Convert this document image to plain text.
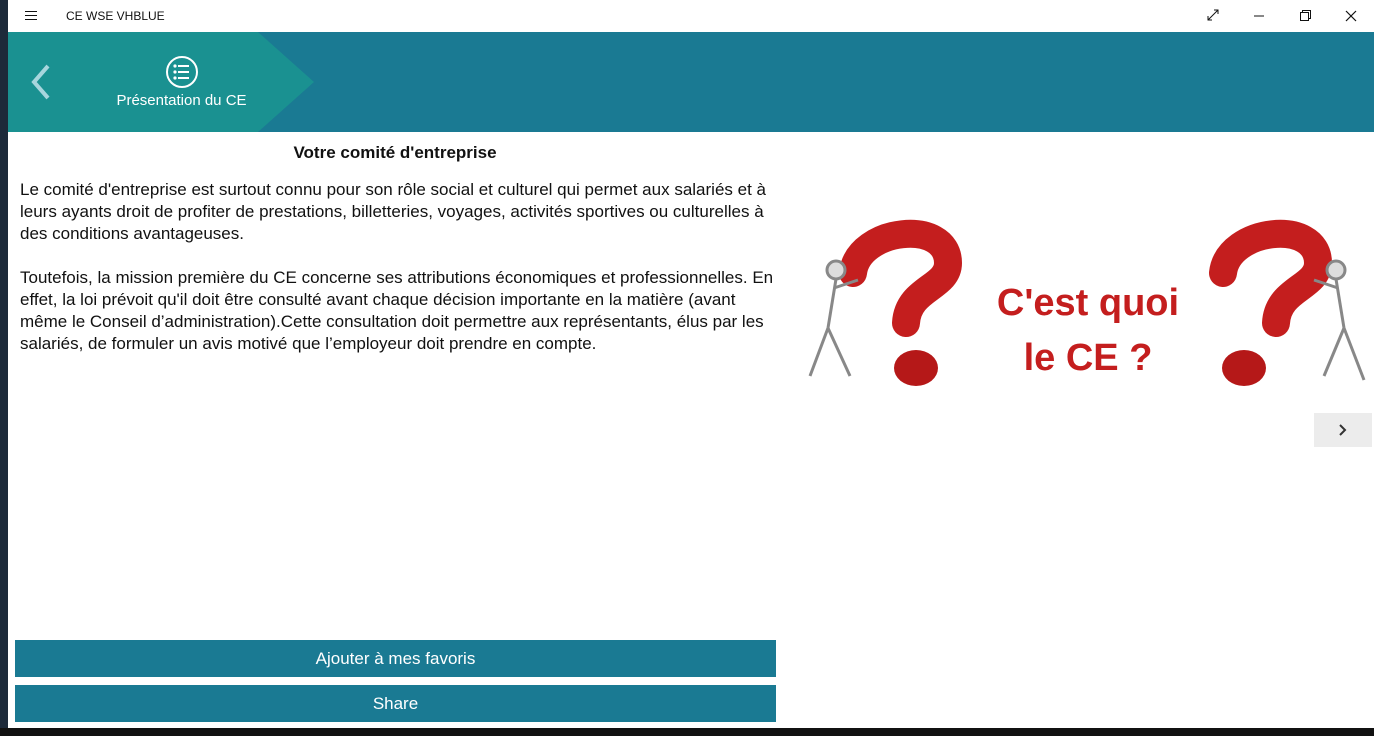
CE WSE VHBLUE
Présentation du CE
Votre comité d'entreprise

Le comité d'entreprise est surtout connu pour son rôle social et culturel qui permet aux salariés et à leurs ayants droit de profiter de prestations, billetteries, voyages, activités sportives ou culturelles à des conditions avantageuses.

Toutefois, la mission première du CE concerne ses attributions économiques et professionnelles. En effet, la loi prévoit qu'il doit être consulté avant chaque décision importante en la matière (avant même le Conseil d’administration).Cette consultation doit permettre aux représentants, élus par les salariés, de formuler un avis motivé que l’employeur doit prendre en compte.

C'est quoi
le CE ?
Ajouter à mes favoris
Share
